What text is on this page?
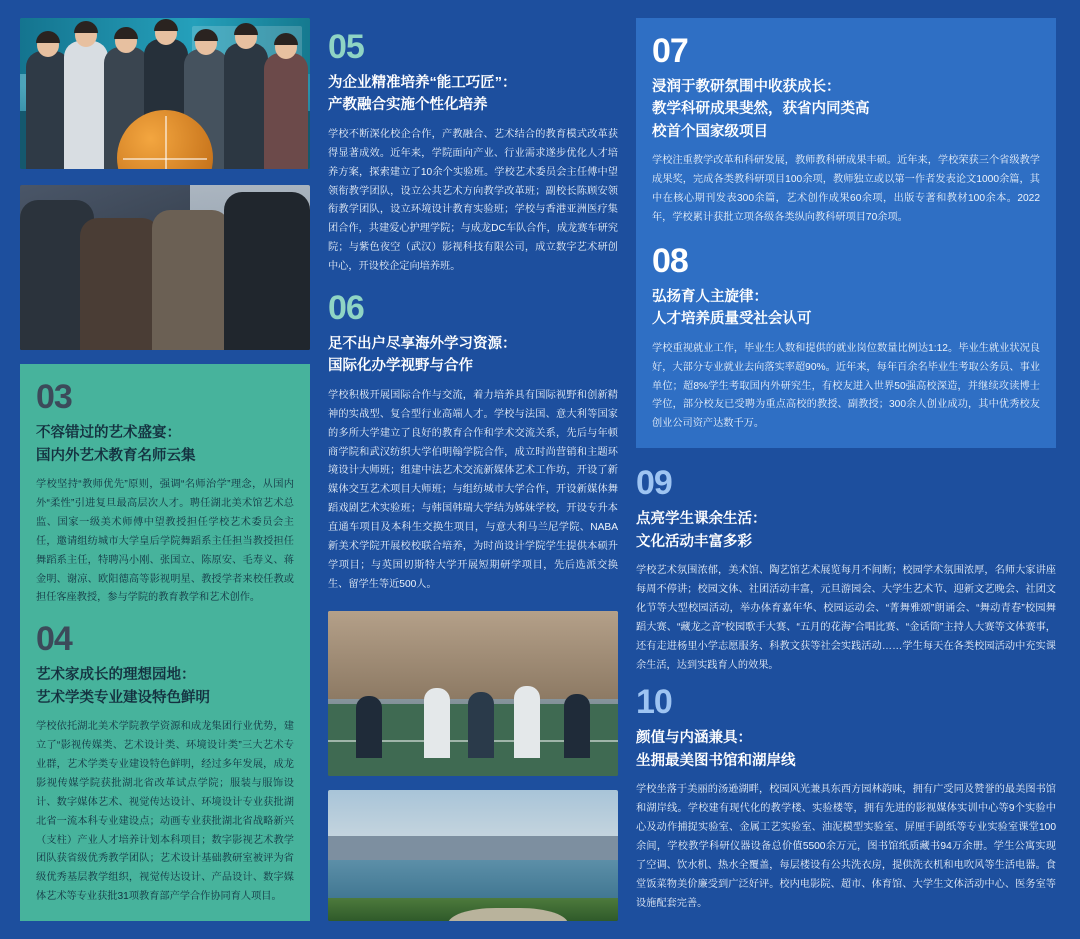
03
不容错过的艺术盛宴：
国内外艺术教育名师云集

学校坚持“教师优先”原则，强调“名师治学”理念，从国内外“柔性”引进复旦最高层次人才。聘任湖北美术馆艺术总监、国家一级美术师傅中望教授担任学校艺术委员会主任，邀请组纺城市大学皇后学院舞蹈系主任担当教授担任舞蹈系主任，特聘冯小刚、张国立、陈原安、毛寿义、蒋金明、谢凉、欧阳德高等影视明星、教授学者来校任教或担任客座教授，参与学院的教育教学和艺术创作。

04
艺术家成长的理想园地：
艺术学类专业建设特色鲜明

学校依托湖北美术学院教学资源和成龙集团行业优势，建立了“影视传媒类、艺术设计类、环境设计类”三大艺术专业群，艺术学类专业建设特色鲜明，经过多年发展，成龙影视传媒学院获批湖北省改革试点学院；服装与服饰设计、数字媒体艺术、视觉传达设计、环境设计专业获批湖北省一流本科专业建设点；动画专业获批湖北省战略新兴（支柱）产业人才培养计划本科项目；数字影视艺术教学团队获省级优秀教学团队；艺术设计基础教研室被评为省级优秀基层教学组织，视觉传达设计、产品设计、数字媒体艺术等专业获批31项教育部产学合作协同育人项目。

05
为企业精准培养“能工巧匠”：
产教融合实施个性化培养

学校不断深化校企合作，产教融合、艺术结合的教育模式改革获得显著成效。近年来，学院面向产业、行业需求遂步优化人才培养方案，探索建立了10余个实验班。学校艺术委员会主任傅中望领衔教学团队，设立公共艺术方向教学改革班；副校长陈顾安领衔教学团队，设立环境设计教育实验班；学校与香港亚洲医疗集团合作，共建爱心护理学院；与成龙DC车队合作，成龙赛车研究院；与紫色夜空（武汉）影视科技有限公司，成立数字艺术研创中心，开设校企定向培养班。

06
足不出户尽享海外学习资源：
国际化办学视野与合作

学校积极开展国际合作与交流，着力培养具有国际视野和创新精神的实战型、复合型行业高端人才。学校与法国、意大利等国家的多所大学建立了良好的教育合作和学术交流关系，先后与年顿商学院和武汉纺织大学伯明翰学院合作，成立时尚营销和主题环境设计大师班；组建中法艺术交流新媒体艺术工作坊，开设了新媒体交互艺术项目大师班；与组纺城市大学合作，开设新媒体舞蹈戏剧艺术实验班；与韩国韩瑞大学结为姊妹学校，开设专升本直通车项目及本科生交换生项目，与意大利马兰尼学院、NABA新美术学院开展校校联合培养，为时尚设计学院学生提供本硕升学项目；与英国切斯特大学开展短期研学项目，先后选派交换生、留学生等近500人。

07
浸润于教研氛围中收获成长：
教学科研成果斐然，获省内同类高
校首个国家级项目

学校注重教学改革和科研发展，教师教科研成果丰硕。近年来，学校荣获三个省级教学成果奖，完成各类教科研项目100余项，教师独立或以第一作者发表论文1000余篇，其中在核心期刊发表300余篇，艺术创作成果60余项，出版专著和教材100余本。2022年，学校累计获批立项各级各类纵向教科研项目70余项。

08
弘扬育人主旋律：
人才培养质量受社会认可

学校重视就业工作，毕业生人数和提供的就业岗位数量比例达1:12。毕业生就业状况良好，大部分专业就业去向落实率超90%。近年来，每年百余名毕业生考取公务员、事业单位；超8%学生考取国内外研究生，有校友进入世界50强高校深造，并继续攻读博士学位，部分校友已受聘为重点高校的教授、副教授；300余人创业成功，其中优秀校友创业公司资产达数千万。

09
点亮学生课余生活：
文化活动丰富多彩

学校艺术氛围浓郁，美术馆、陶艺馆艺术展览每月不间断；校园学术氛围浓厚，名师大家讲座每周不停讲；校园文体、社团活动丰富，元旦游园会、大学生艺术节、迎新文艺晚会、社团文化节等大型校园活动，举办体育嘉年华、校园运动会、“菁舞雅颂”朗诵会、“舞动青春”校园舞蹈大赛、“藏龙之音”校园歌手大赛、“五月的花海”合唱比赛、“金话筒”主持人大赛等文体赛事，还有走进杨里小学志愿服务、科教文获等社会实践活动……学生每天在各类校园活动中充实课余生活，达到实践育人的效果。

10
颜值与内涵兼具：
坐拥最美图书馆和湖岸线

学校坐落于美丽的汤逊湖畔，校园风光兼具东西方园林韵味，拥有广受同及赞誉的最美图书馆和湖岸线。学校建有现代化的教学楼、实验楼等，拥有先进的影视媒体实训中心等9个实验中心及动作捕捉实验室、金属工艺实验室、油泥模型实验室、屏厘手剧纸等专业实验室课堂100余间，学校教学科研仪器设备总价值5500余万元，图书馆纸质藏书94万余册。学生公寓实现了空调、饮水机、热水全覆盖，每层楼设有公共洗衣房，提供洗衣机和电吹风等生活电器。食堂饭菜物美价廉受到广泛好评。校内电影院、超市、体育馆、大学生文体活动中心、医务室等设施配套完善。
